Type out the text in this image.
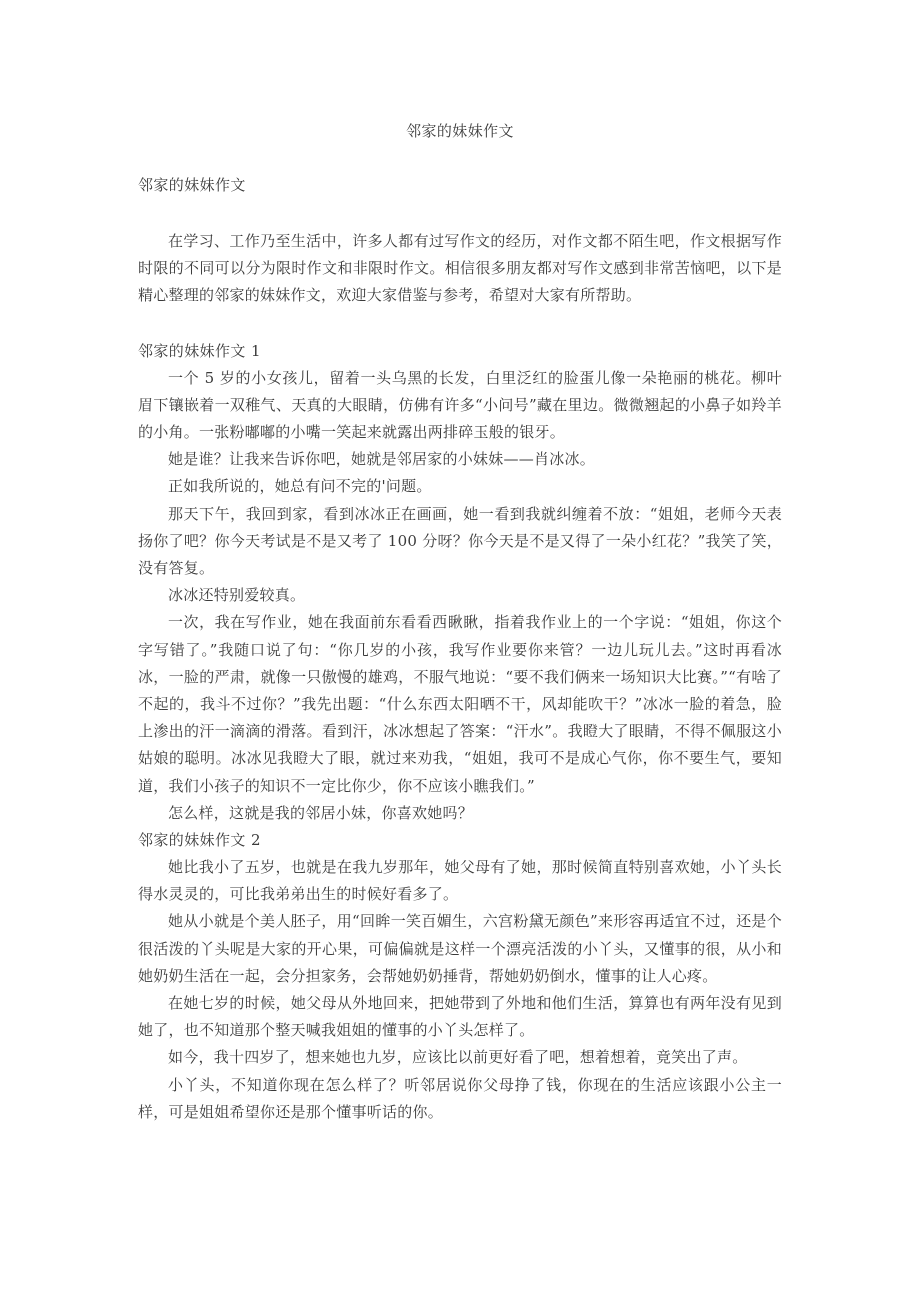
邻家的妹妹作文

邻家的妹妹作文

在学习、工作乃至生活中，许多人都有过写作文的经历，对作文都不陌生吧，作文根据写作时限的不同可以分为限时作文和非限时作文。相信很多朋友都对写作文感到非常苦恼吧，以下是精心整理的邻家的妹妹作文，欢迎大家借鉴与参考，希望对大家有所帮助。

邻家的妹妹作文 1

一个 5 岁的小女孩儿，留着一头乌黑的长发，白里泛红的脸蛋儿像一朵艳丽的桃花。柳叶眉下镶嵌着一双稚气、天真的大眼睛，仿佛有许多“小问号”藏在里边。微微翘起的小鼻子如羚羊的小角。一张粉嘟嘟的小嘴一笑起来就露出两排碎玉般的银牙。

她是谁？让我来告诉你吧，她就是邻居家的小妹妹——肖冰冰。

正如我所说的，她总有问不完的'问题。

那天下午，我回到家，看到冰冰正在画画，她一看到我就纠缠着不放：“姐姐，老师今天表扬你了吧？你今天考试是不是又考了 100 分呀？你今天是不是又得了一朵小红花？”我笑了笑，没有答复。

冰冰还特别爱较真。

一次，我在写作业，她在我面前东看看西瞅瞅，指着我作业上的一个字说：“姐姐，你这个字写错了。”我随口说了句：“你几岁的小孩，我写作业要你来管？一边儿玩儿去。”这时再看冰冰，一脸的严肃，就像一只傲慢的雄鸡，不服气地说：“要不我们俩来一场知识大比赛。”“有啥了不起的，我斗不过你？”我先出题：“什么东西太阳晒不干，风却能吹干？”冰冰一脸的着急，脸上渗出的汗一滴滴的滑落。看到汗，冰冰想起了答案：“汗水”。我瞪大了眼睛，不得不佩服这小姑娘的聪明。冰冰见我瞪大了眼，就过来劝我，“姐姐，我可不是成心气你，你不要生气，要知道，我们小孩子的知识不一定比你少，你不应该小瞧我们。”

怎么样，这就是我的邻居小妹，你喜欢她吗？

邻家的妹妹作文 2

她比我小了五岁，也就是在我九岁那年，她父母有了她，那时候简直特别喜欢她，小丫头长得水灵灵的，可比我弟弟出生的时候好看多了。

她从小就是个美人胚子，用“回眸一笑百媚生，六宫粉黛无颜色”来形容再适宜不过，还是个很活泼的丫头呢是大家的开心果，可偏偏就是这样一个漂亮活泼的小丫头，又懂事的很，从小和她奶奶生活在一起，会分担家务，会帮她奶奶捶背，帮她奶奶倒水，懂事的让人心疼。

在她七岁的时候，她父母从外地回来，把她带到了外地和他们生活，算算也有两年没有见到她了，也不知道那个整天喊我姐姐的懂事的小丫头怎样了。

如今，我十四岁了，想来她也九岁，应该比以前更好看了吧，想着想着，竟笑出了声。

小丫头，不知道你现在怎么样了？听邻居说你父母挣了钱，你现在的生活应该跟小公主一样，可是姐姐希望你还是那个懂事听话的你。
